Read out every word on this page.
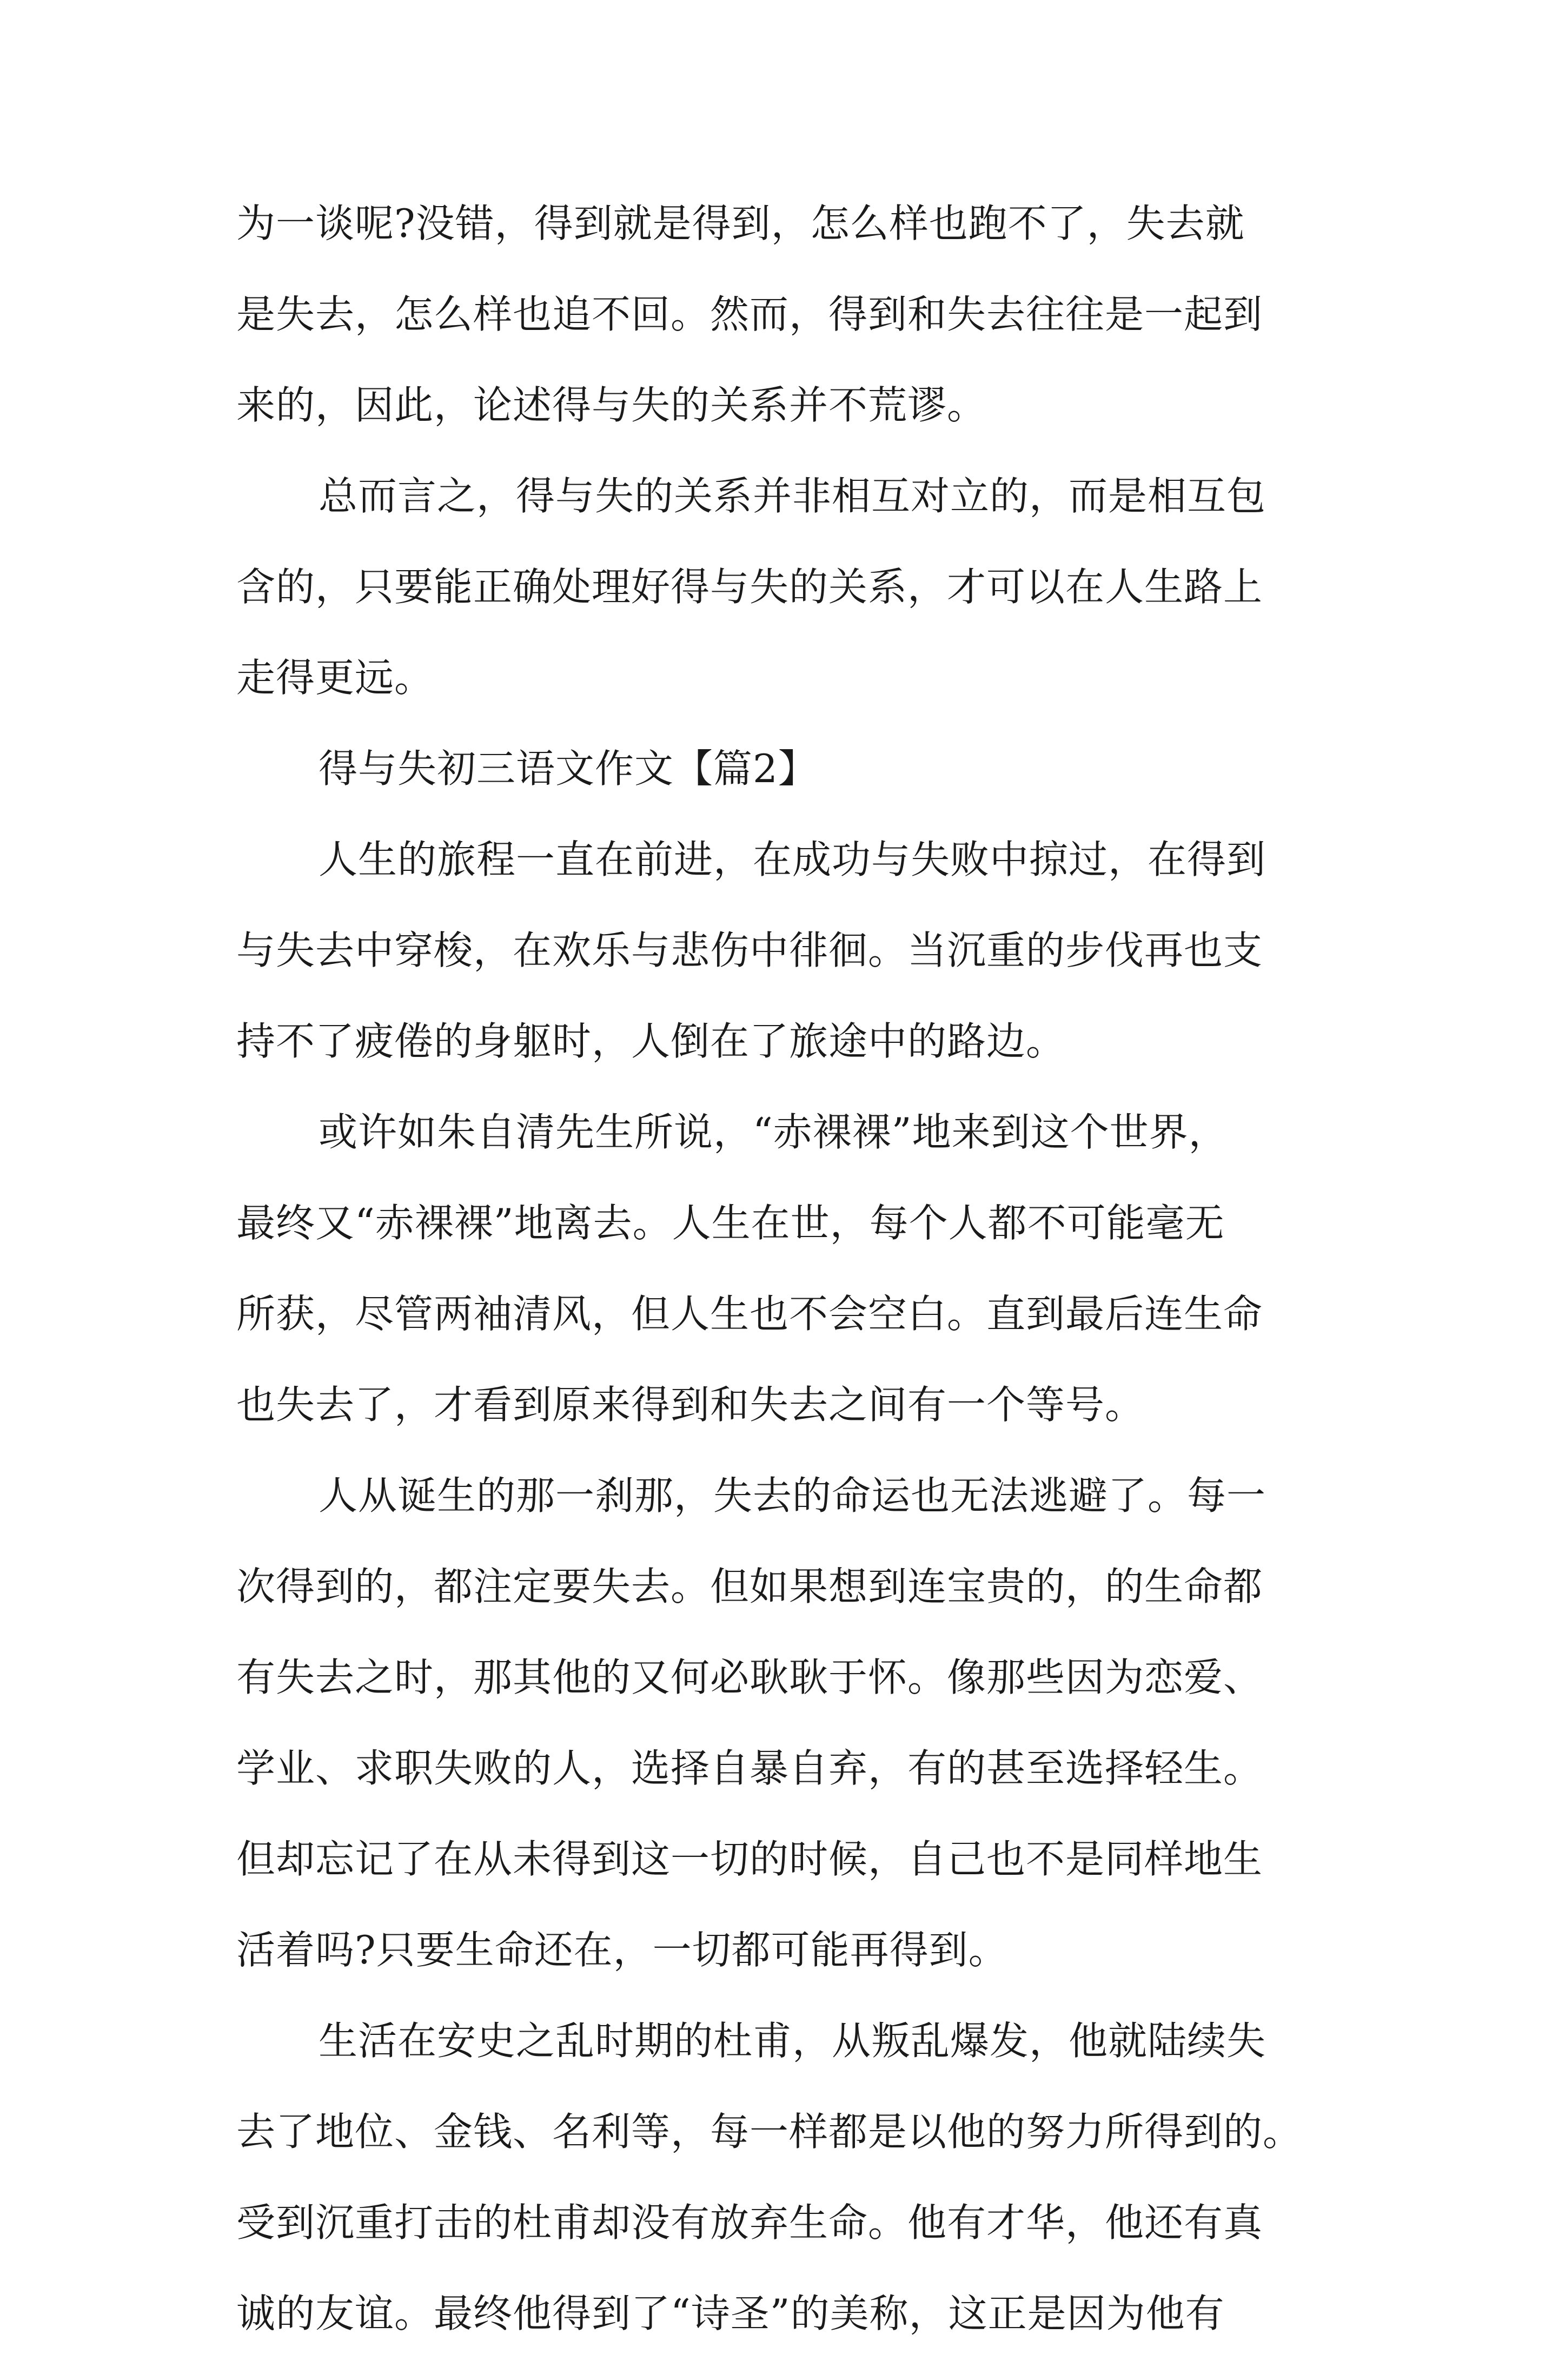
为一谈呢?没错，得到就是得到，怎么样也跑不了，失去就
是失去，怎么样也追不回。然而，得到和失去往往是一起到
来的，因此，论述得与失的关系并不荒谬。
总而言之，得与失的关系并非相互对立的，而是相互包
含的，只要能正确处理好得与失的关系，才可以在人生路上
走得更远。
得与失初三语文作文【篇2】
人生的旅程一直在前进，在成功与失败中掠过，在得到
与失去中穿梭，在欢乐与悲伤中徘徊。当沉重的步伐再也支
持不了疲倦的身躯时，人倒在了旅途中的路边。
或许如朱自清先生所说，“赤裸裸”地来到这个世界，
最终又“赤裸裸”地离去。人生在世，每个人都不可能毫无
所获，尽管两袖清风，但人生也不会空白。直到最后连生命
也失去了，才看到原来得到和失去之间有一个等号。
人从诞生的那一刹那，失去的命运也无法逃避了。每一
次得到的，都注定要失去。但如果想到连宝贵的，的生命都
有失去之时，那其他的又何必耿耿于怀。像那些因为恋爱、
学业、求职失败的人，选择自暴自弃，有的甚至选择轻生。
但却忘记了在从未得到这一切的时候，自己也不是同样地生
活着吗?只要生命还在，一切都可能再得到。
生活在安史之乱时期的杜甫，从叛乱爆发，他就陆续失
去了地位、金钱、名利等，每一样都是以他的努力所得到的。
受到沉重打击的杜甫却没有放弃生命。他有才华，他还有真
诚的友谊。最终他得到了“诗圣”的美称，这正是因为他有
